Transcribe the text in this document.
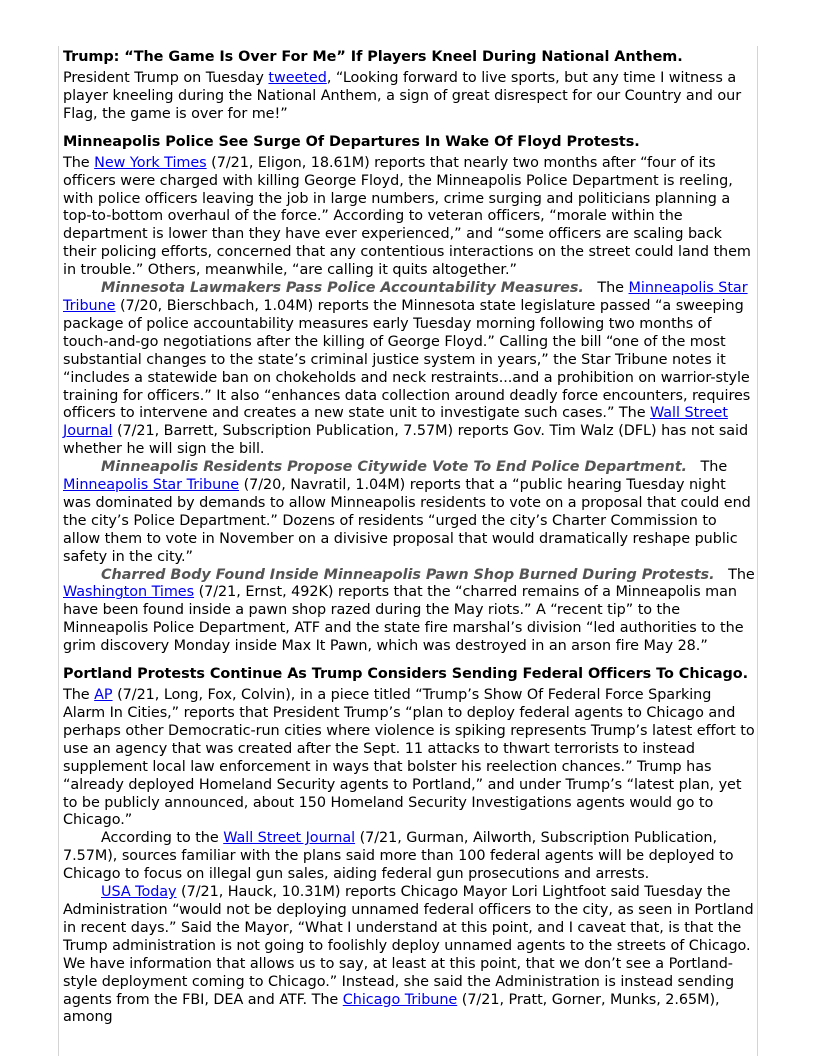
Trump: “The Game Is Over For Me” If Players Kneel During National Anthem.

President Trump on Tuesday tweeted, “Looking forward to live sports, but any time I witness a player kneeling during the National Anthem, a sign of great disrespect for our Country and our Flag, the game is over for me!”

Minneapolis Police See Surge Of Departures In Wake Of Floyd Protests.

The New York Times (7/21, Eligon, 18.61M) reports that nearly two months after “four of its officers were charged with killing George Floyd, the Minneapolis Police Department is reeling, with police officers leaving the job in large numbers, crime surging and politicians planning a top-to-bottom overhaul of the force.” According to veteran officers, “morale within the department is lower than they have ever experienced,” and “some officers are scaling back their policing efforts, concerned that any contentious interactions on the street could land them in trouble.” Others, meanwhile, “are calling it quits altogether.”

Minnesota Lawmakers Pass Police Accountability Measures. The Minneapolis Star Tribune (7/20, Bierschbach, 1.04M) reports the Minnesota state legislature passed “a sweeping package of police accountability measures early Tuesday morning following two months of touch-and-go negotiations after the killing of George Floyd.” Calling the bill “one of the most substantial changes to the state’s criminal justice system in years,” the Star Tribune notes it “includes a statewide ban on chokeholds and neck restraints...and a prohibition on warrior-style training for officers.” It also “enhances data collection around deadly force encounters, requires officers to intervene and creates a new state unit to investigate such cases.” The Wall Street Journal (7/21, Barrett, Subscription Publication, 7.57M) reports Gov. Tim Walz (DFL) has not said whether he will sign the bill.

Minneapolis Residents Propose Citywide Vote To End Police Department. The Minneapolis Star Tribune (7/20, Navratil, 1.04M) reports that a “public hearing Tuesday night was dominated by demands to allow Minneapolis residents to vote on a proposal that could end the city’s Police Department.” Dozens of residents “urged the city’s Charter Commission to allow them to vote in November on a divisive proposal that would dramatically reshape public safety in the city.”

Charred Body Found Inside Minneapolis Pawn Shop Burned During Protests. The Washington Times (7/21, Ernst, 492K) reports that the “charred remains of a Minneapolis man have been found inside a pawn shop razed during the May riots.” A “recent tip” to the Minneapolis Police Department, ATF and the state fire marshal’s division “led authorities to the grim discovery Monday inside Max It Pawn, which was destroyed in an arson fire May 28.”

Portland Protests Continue As Trump Considers Sending Federal Officers To Chicago.

The AP (7/21, Long, Fox, Colvin), in a piece titled “Trump’s Show Of Federal Force Sparking Alarm In Cities,” reports that President Trump’s “plan to deploy federal agents to Chicago and perhaps other Democratic-run cities where violence is spiking represents Trump’s latest effort to use an agency that was created after the Sept. 11 attacks to thwart terrorists to instead supplement local law enforcement in ways that bolster his reelection chances.” Trump has “already deployed Homeland Security agents to Portland,” and under Trump’s “latest plan, yet to be publicly announced, about 150 Homeland Security Investigations agents would go to Chicago.”

According to the Wall Street Journal (7/21, Gurman, Ailworth, Subscription Publication, 7.57M), sources familiar with the plans said more than 100 federal agents will be deployed to Chicago to focus on illegal gun sales, aiding federal gun prosecutions and arrests.

USA Today (7/21, Hauck, 10.31M) reports Chicago Mayor Lori Lightfoot said Tuesday the Administration “would not be deploying unnamed federal officers to the city, as seen in Portland in recent days.” Said the Mayor, “What I understand at this point, and I caveat that, is that the Trump administration is not going to foolishly deploy unnamed agents to the streets of Chicago. We have information that allows us to say, at least at this point, that we don’t see a Portland-style deployment coming to Chicago.” Instead, she said the Administration is instead sending agents from the FBI, DEA and ATF. The Chicago Tribune (7/21, Pratt, Gorner, Munks, 2.65M), among
